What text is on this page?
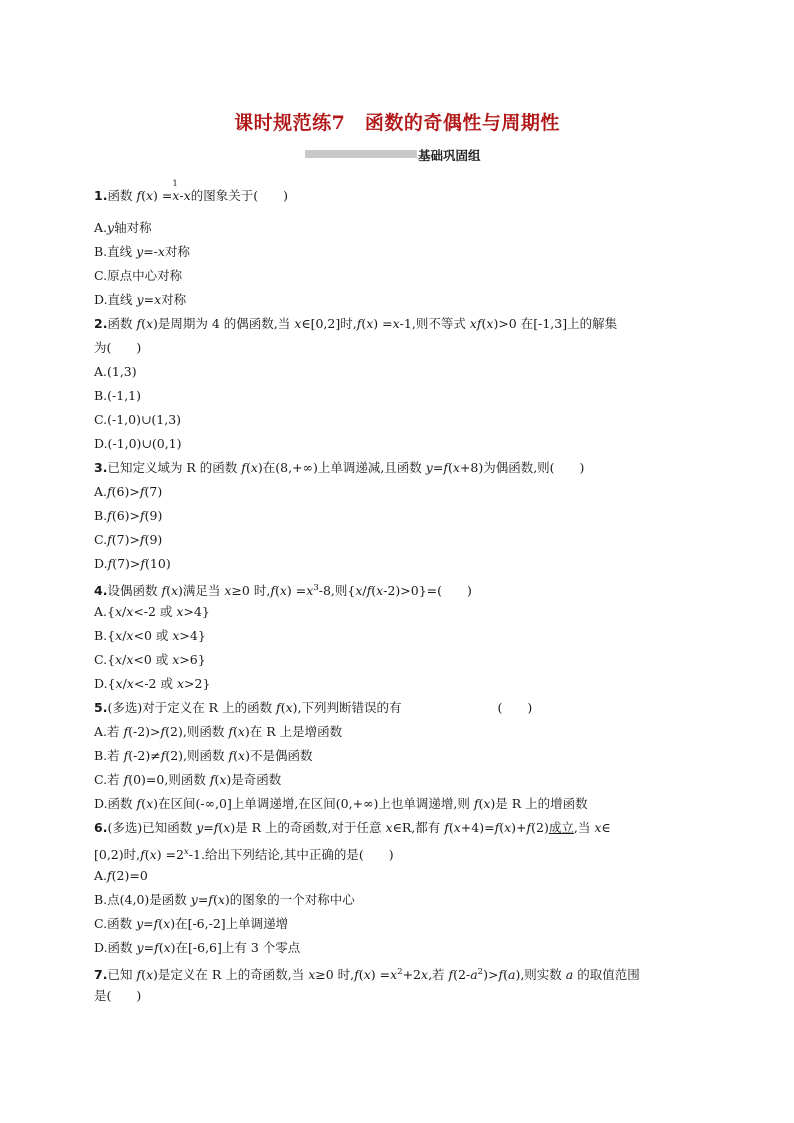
课时规范练7　函数的奇偶性与周期性
基础巩固组
1.函数 f(x) =
1
x-x的图象关于(　　)
A.y轴对称
B.直线 y=-x对称
C.原点中心对称
D.直线 y=x对称
2.函数 f(x)是周期为 4 的偶函数,当 x∈[0,2]时,f(x) =x-1,则不等式 xf(x)>0 在[-1,3]上的解集
为(　　)
A.(1,3)
B.(-1,1)
C.(-1,0)∪(1,3)
D.(-1,0)∪(0,1)
3.已知定义域为 R 的函数 f(x)在(8,+∞)上单调递减,且函数 y=f(x+8)为偶函数,则(　　)
A.f(6)>f(7)
B.f(6)>f(9)
C.f(7)>f(9)
D.f(7)>f(10)
4.设偶函数 f(x)满足当 x≥0 时$,f(x) =x^3-8$,则{x/f(x-2)>0}=(　　)
A.{x/x<-2 或 x>4}
B.{x/x<0 或 x>4}
C.{x/x<0 或 x>6}
D.{x/x<-2 或 x>2}
5.(多选)对于定义在 R 上的函数 f(x),下列判断错误的有	(　　)
A.若 f(-2)>f(2),则函数 f(x)在 R 上是增函数
B.若 f(-2)≠f(2),则函数 f(x)不是偶函数
C.若 f(0)=0,则函数 f(x)是奇函数
D.函数 f(x)在区间(-∞,0]上单调递增,在区间(0,+∞)上也单调递增,则 f(x)是 R 上的增函数
6.(多选)已知函数 y=f(x)是 R 上的奇函数,对于任意 x∈R,都有 f(x+4)=f(x)+f(2)成立,当 x∈
[0,2)时$,f(x) =2^x-1$.给出下列结论,其中正确的是(　　)
A.f(2)=0
B.点(4,0)是函数 y=f(x)的图象的一个对称中心
C.函数 y=f(x)在[-6,-2]上单调递增
D.函数 y=f(x)在[-6,6]上有 3 个零点
7.已知 f(x)是定义在 R 上的奇函数,当 x≥0 时$,f(x) =x^2+2x$,若 $f(2-a^2)>f(a)$,则实数 a 的取值范围
是(　　)
